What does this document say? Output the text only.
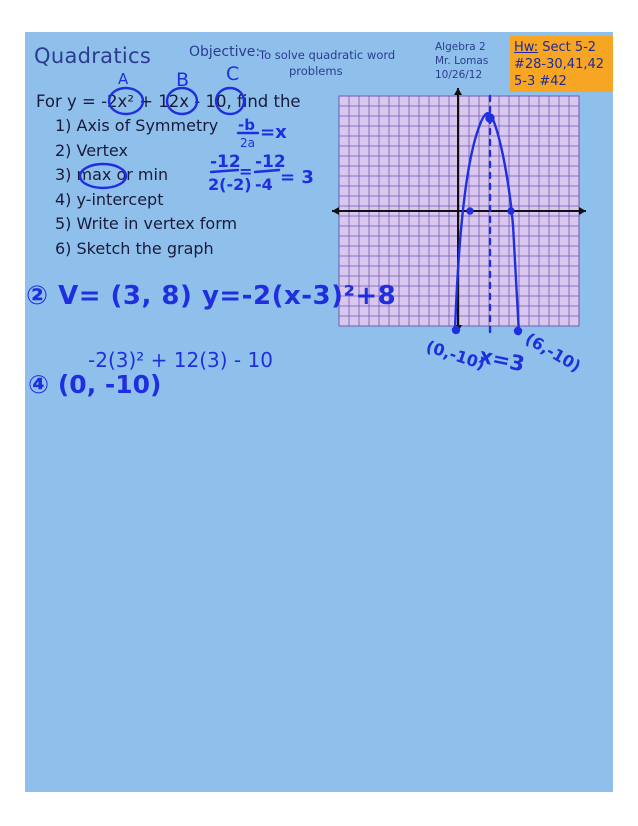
Quadratics	Objective:
To solve quadratic word
problems
Algebra 2
Mr. Lomas
10/26/12
Hw: Sect 5-2
#28-30,41,42
5-3 #42
For y = -2x² + 12x - 10, find the
1) Axis of Symmetry
2) Vertex
3) max or min
4) y-intercept
5) Write in vertex form
6) Sketch the graph
A	B C
-b
2a =x
-12
2(-2)
= -12
-4 = 3
② V= (3, 8) y=-2(x-3)²+8
-2(3)² + 12(3) - 10
④ (0, -10)
(0,-10)
x=3
(6,-10)
